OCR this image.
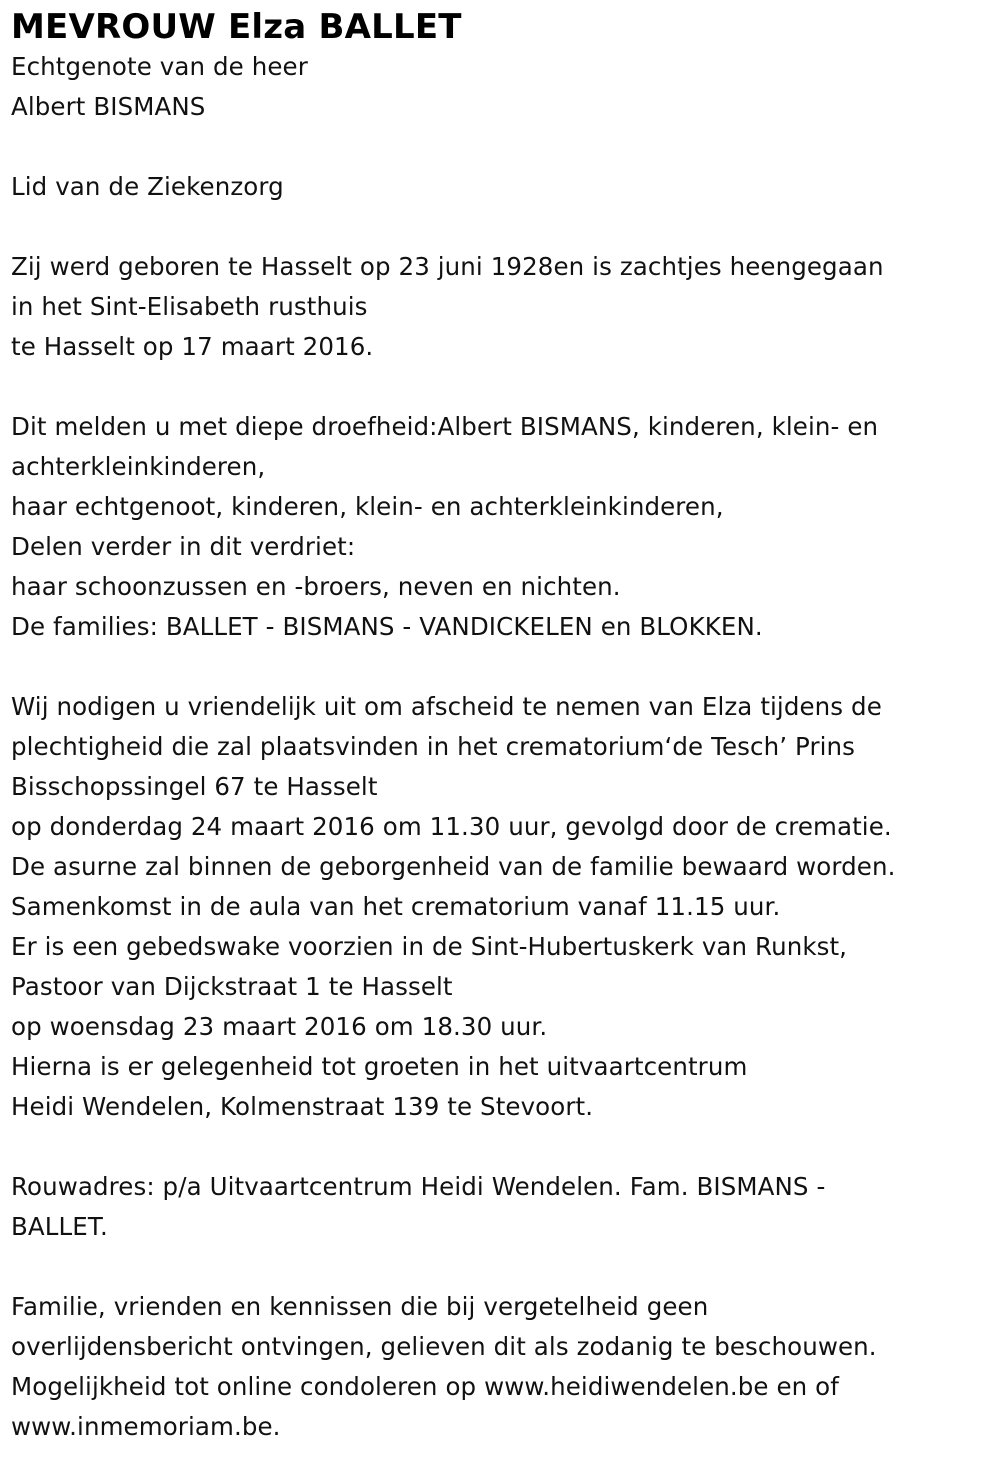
MEVROUW Elza BALLET
Echtgenote van de heer
Albert BISMANS
Lid van de Ziekenzorg
Zij werd geboren te Hasselt op 23 juni 1928en is zachtjes heengegaan
in het Sint-Elisabeth rusthuis
te Hasselt op 17 maart 2016.
Dit melden u met diepe droefheid:Albert BISMANS, kinderen, klein- en
achterkleinkinderen,
haar echtgenoot, kinderen, klein- en achterkleinkinderen,
Delen verder in dit verdriet:
haar schoonzussen en -broers, neven en nichten.
De families: BALLET - BISMANS - VANDICKELEN en BLOKKEN.
Wij nodigen u vriendelijk uit om afscheid te nemen van Elza tijdens de
plechtigheid die zal plaatsvinden in het crematorium‘de Tesch’ Prins
Bisschopssingel 67 te Hasselt
op donderdag 24 maart 2016 om 11.30 uur, gevolgd door de crematie.
De asurne zal binnen de geborgenheid van de familie bewaard worden.
Samenkomst in de aula van het crematorium vanaf 11.15 uur.
Er is een gebedswake voorzien in de Sint-Hubertuskerk van Runkst,
Pastoor van Dijckstraat 1 te Hasselt
op woensdag 23 maart 2016 om 18.30 uur.
Hierna is er gelegenheid tot groeten in het uitvaartcentrum
Heidi Wendelen, Kolmenstraat 139 te Stevoort.
Rouwadres: p/a Uitvaartcentrum Heidi Wendelen. Fam. BISMANS -
BALLET.
Familie, vrienden en kennissen die bij vergetelheid geen
overlijdensbericht ontvingen, gelieven dit als zodanig te beschouwen.
Mogelijkheid tot online condoleren op www.heidiwendelen.be en of
www.inmemoriam.be.
